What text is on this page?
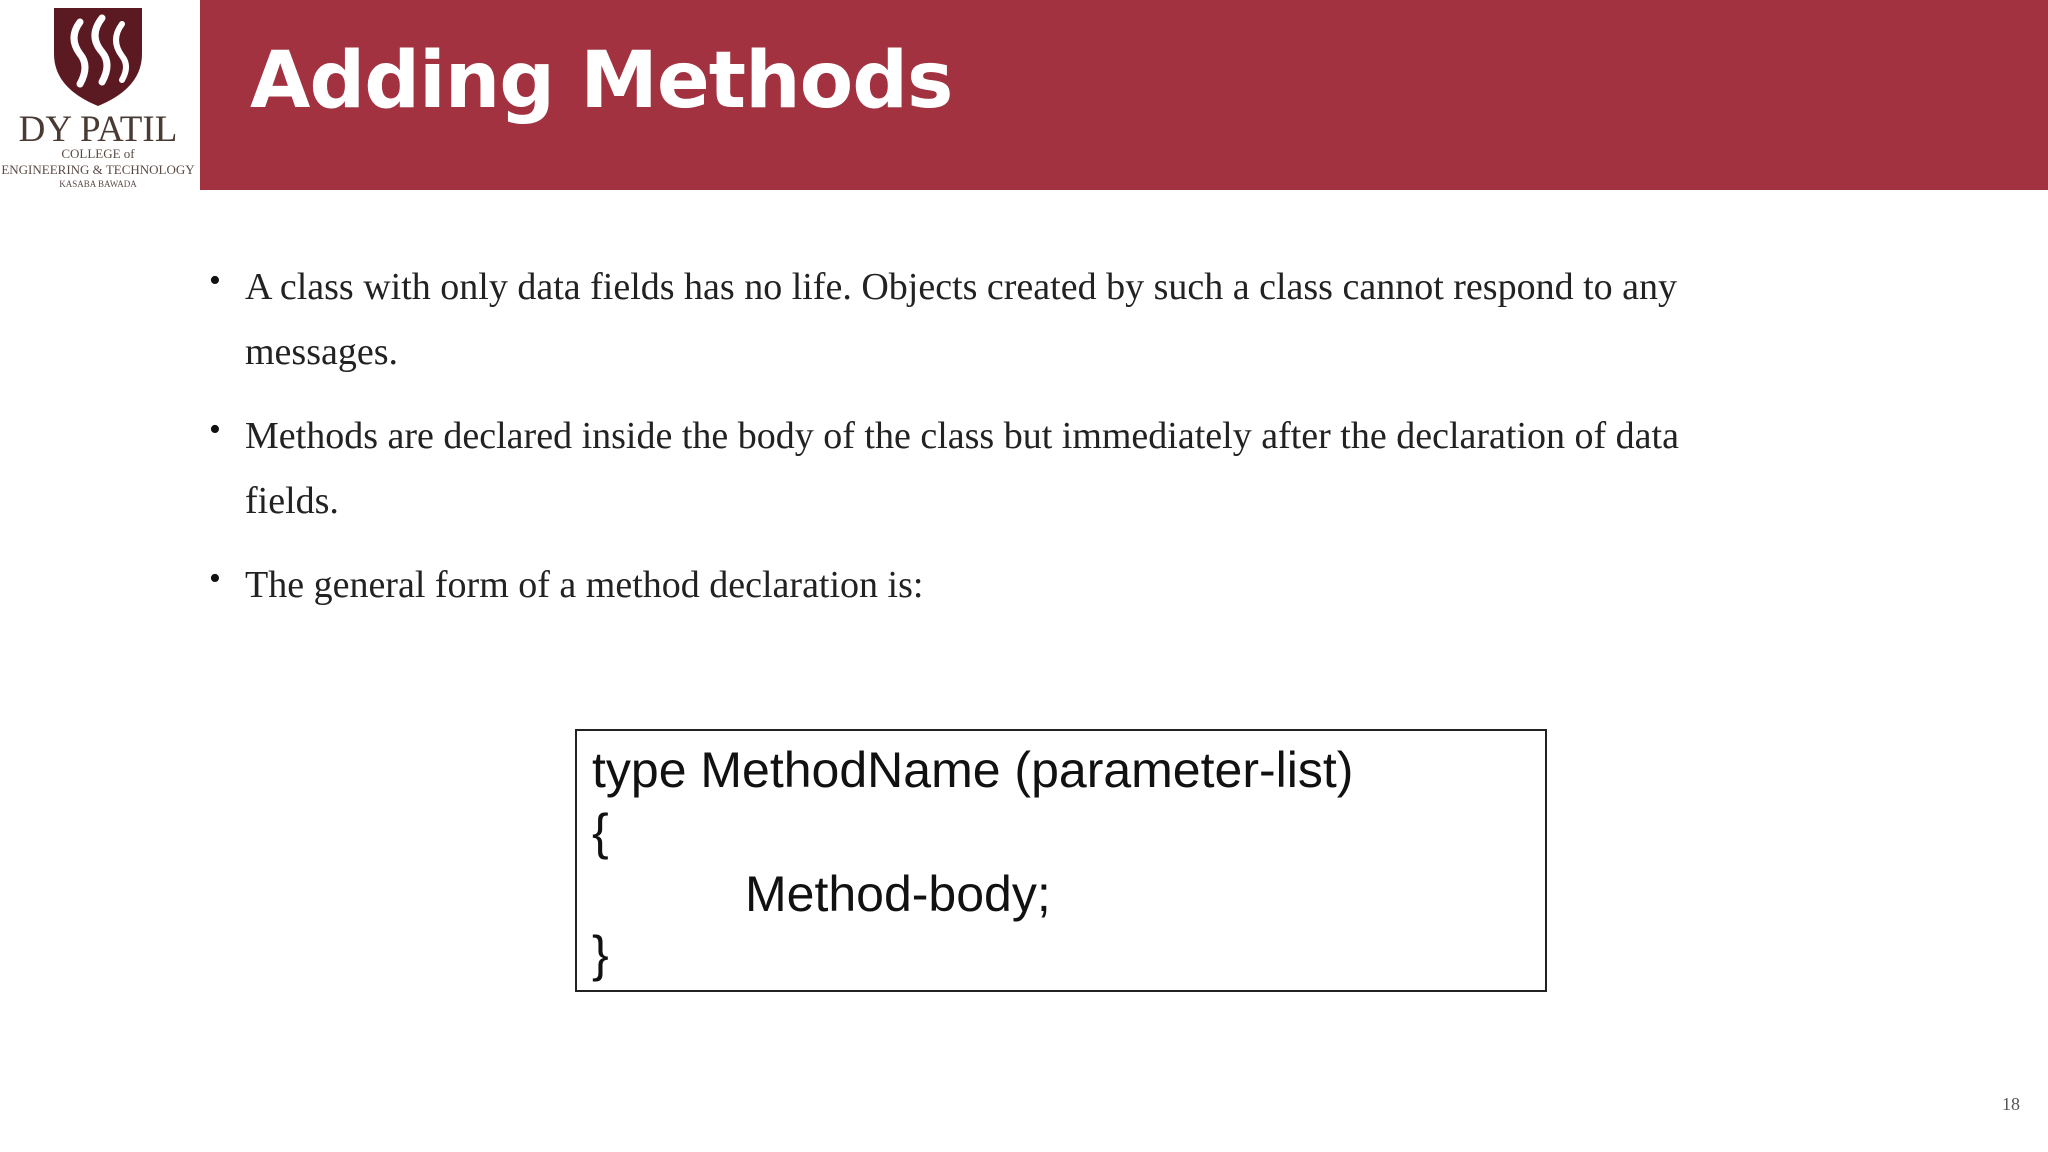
DY PATIL
COLLEGE of
ENGINEERING & TECHNOLOGY
KASABA BAWADA
Adding Methods
• A class with only data fields has no life. Objects created by such a class cannot respond to any messages.
• Methods are declared inside the body of the class but immediately after the declaration of data fields.
• The general form of a method declaration is:
type MethodName (parameter-list)
{
Method-body;
}
18
